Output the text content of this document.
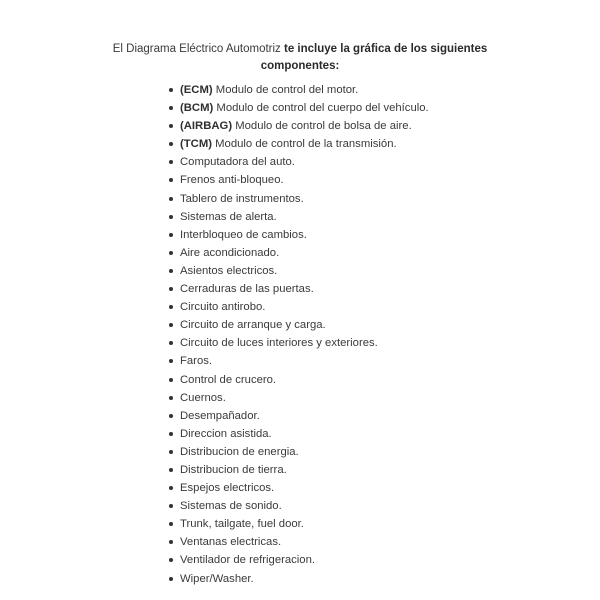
El Diagrama Eléctrico Automotriz te incluye la gráfica de los siguientes
componentes:
(ECM) Modulo de control del motor.
(BCM) Modulo de control del cuerpo del vehículo.
(AIRBAG) Modulo de control de bolsa de aire.
(TCM) Modulo de control de la transmisión.
Computadora del auto.
Frenos anti-bloqueo.
Tablero de instrumentos.
Sistemas de alerta.
Interbloqueo de cambios.
Aire acondicionado.
Asientos electricos.
Cerraduras de las puertas.
Circuito antirobo.
Circuito de arranque y carga.
Circuito de luces interiores y exteriores.
Faros.
Control de crucero.
Cuernos.
Desempañador.
Direccion asistida.
Distribucion de energia.
Distribucion de tierra.
Espejos electricos.
Sistemas de sonido.
Trunk, tailgate, fuel door.
Ventanas electricas.
Ventilador de refrigeracion.
Wiper/Washer.
